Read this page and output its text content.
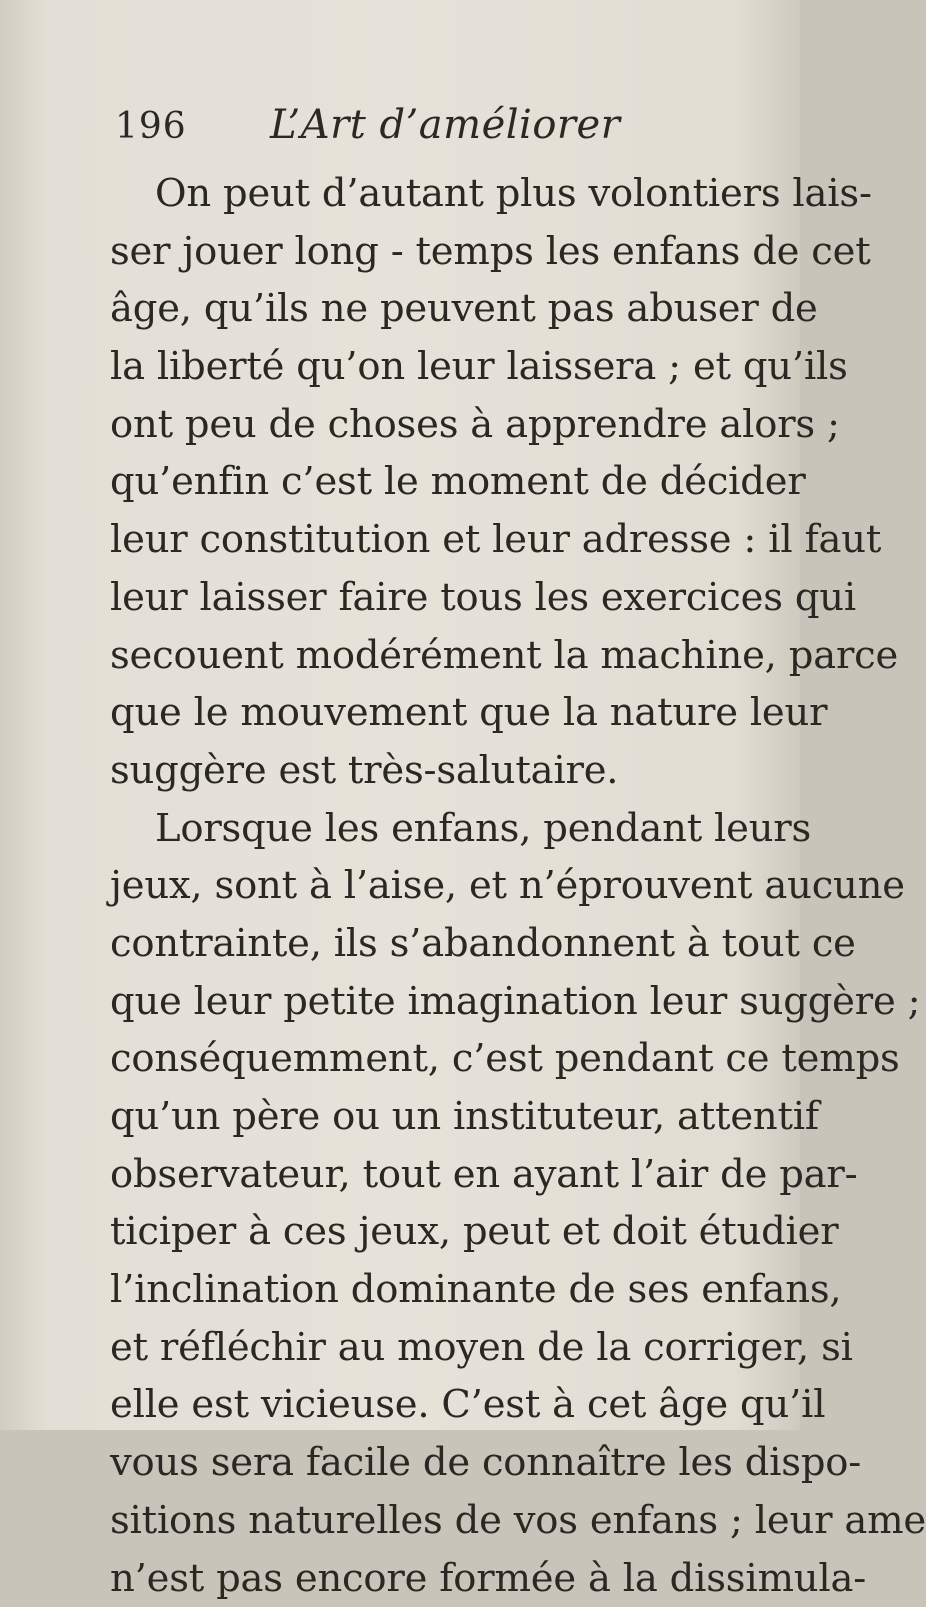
196 L’Art d’améliorer
On peut d’autant plus volontiers lais-
ser jouer long - temps les enfans de cet
âge, qu’ils ne peuvent pas abuser de
la liberté qu’on leur laissera ; et qu’ils
ont peu de choses à apprendre alors ;
qu’enfin c’est le moment de décider
leur constitution et leur adresse : il faut
leur laisser faire tous les exercices qui
secouent modérément la machine, parce
que le mouvement que la nature leur
suggère est très-salutaire.
Lorsque les enfans, pendant leurs
jeux, sont à l’aise, et n’éprouvent aucune
contrainte, ils s’abandonnent à tout ce
que leur petite imagination leur suggère ;
conséquemment, c’est pendant ce temps
qu’un père ou un instituteur, attentif
observateur, tout en ayant l’air de par-
ticiper à ces jeux, peut et doit étudier
l’inclination dominante de ses enfans,
et réfléchir au moyen de la corriger, si
elle est vicieuse. C’est à cet âge qu’il
vous sera facile de connaître les dispo-
sitions naturelles de vos enfans ; leur ame
n’est pas encore formée à la dissimula-
